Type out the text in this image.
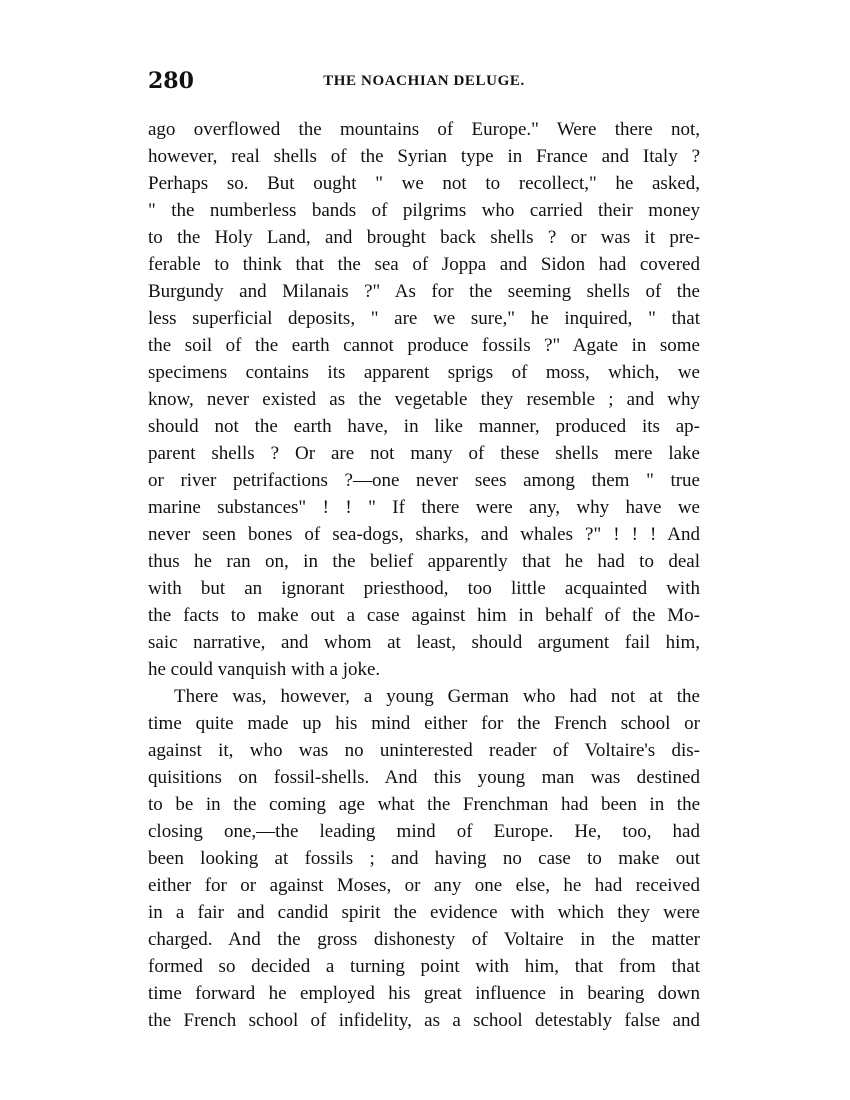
280	THE NOACHIAN DELUGE.
ago overflowed the mountains of Europe." Were there not,
however, real shells of the Syrian type in France and Italy ?
Perhaps so. But ought " we not to recollect," he asked,
" the numberless bands of pilgrims who carried their money
to the Holy Land, and brought back shells ? or was it pre-
ferable to think that the sea of Joppa and Sidon had covered
Burgundy and Milanais ?" As for the seeming shells of the
less superficial deposits, " are we sure," he inquired, " that
the soil of the earth cannot produce fossils ?" Agate in some
specimens contains its apparent sprigs of moss, which, we
know, never existed as the vegetable they resemble ; and why
should not the earth have, in like manner, produced its ap-
parent shells ? Or are not many of these shells mere lake
or river petrifactions ?—one never sees among them " true
marine substances" ! ! " If there were any, why have we
never seen bones of sea-dogs, sharks, and whales ?" ! ! ! And
thus he ran on, in the belief apparently that he had to deal
with but an ignorant priesthood, too little acquainted with
the facts to make out a case against him in behalf of the Mo-
saic narrative, and whom at least, should argument fail him,
he could vanquish with a joke.
There was, however, a young German who had not at the
time quite made up his mind either for the French school or
against it, who was no uninterested reader of Voltaire's dis-
quisitions on fossil-shells. And this young man was destined
to be in the coming age what the Frenchman had been in the
closing one,—the leading mind of Europe. He, too, had
been looking at fossils ; and having no case to make out
either for or against Moses, or any one else, he had received
in a fair and candid spirit the evidence with which they were
charged. And the gross dishonesty of Voltaire in the matter
formed so decided a turning point with him, that from that
time forward he employed his great influence in bearing down
the French school of infidelity, as a school detestably false and
